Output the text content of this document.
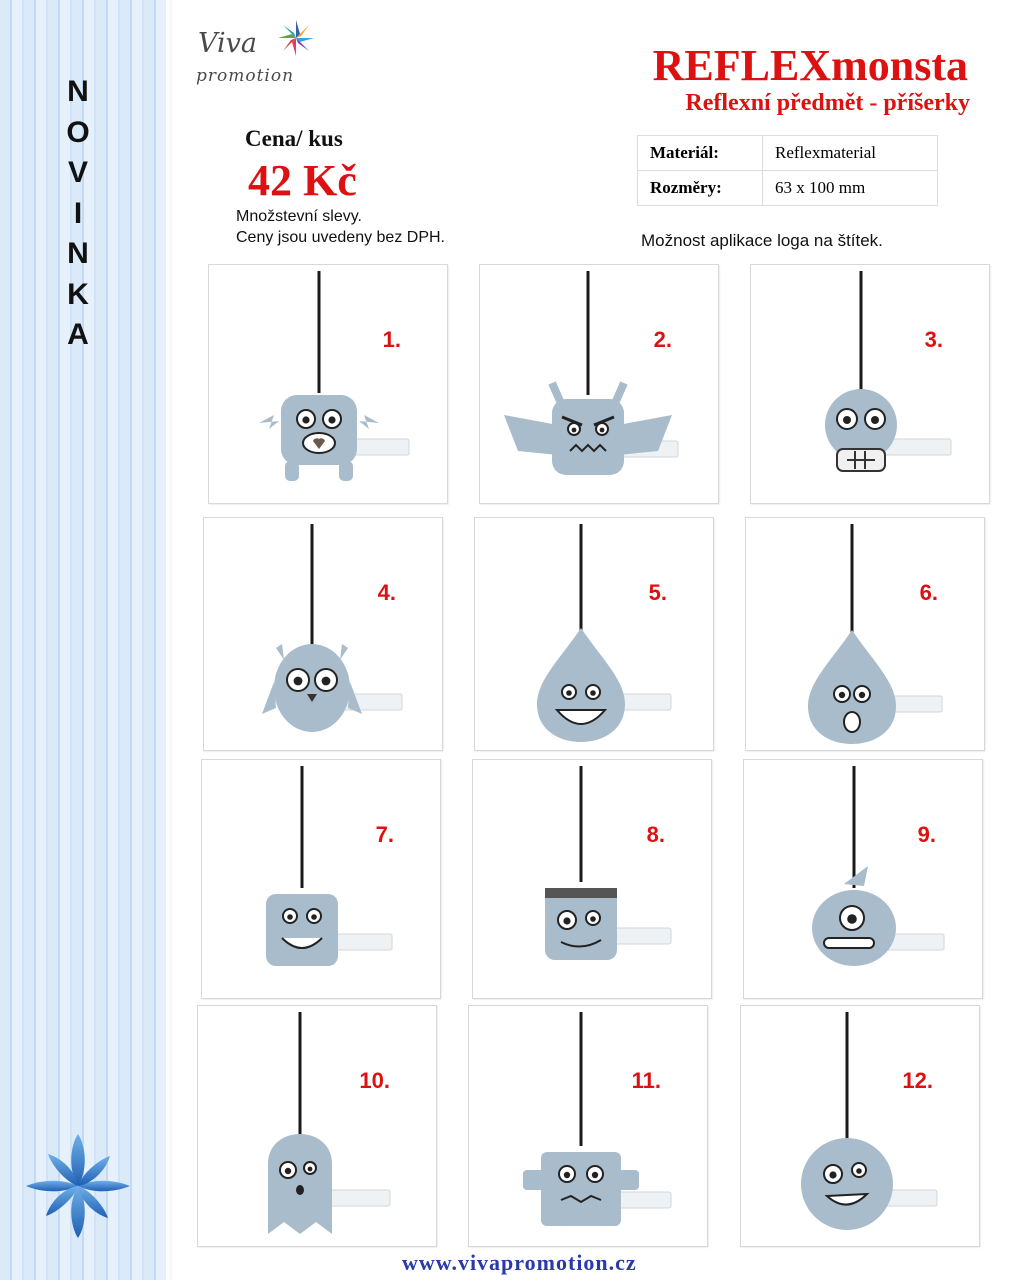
N
O
V
I
N
K
A
Viva
promotion	REFLEXmonsta
Reflexní předmět - příšerky
Cena/ kus
42 Kč
Množstevní slevy.
Ceny jsou uvedeny bez DPH.
Materiál:	Reflexmaterial
Rozměry:	63 x 100 mm
Možnost aplikace loga na štítek.
1.	2.	3.
4.	5.	6.
7.	8.	9.
10.	11.	12.
www.vivapromotion.cz
